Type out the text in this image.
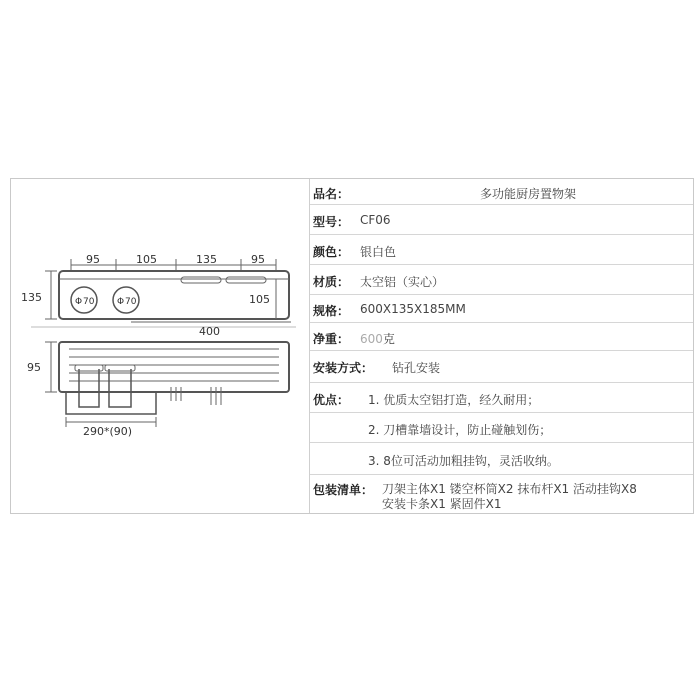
95	105	135	95
135	105
400
95
290*(90)
Φ 70	Φ 70
品名：	多功能厨房置物架
型号： CF06
颜色： 银白色
材质： 太空铝（实心）
规格： 600X135X185MM
净重： 600克
安装方式： 钻孔安装
优点： 1. 优质太空铝打造，经久耐用；
2. 刀槽靠墙设计，防止碰触划伤；
3. 8位可活动加粗挂钩，灵活收纳。
包装清单： 刀架主体X1 镂空杯筒X2 抹布杆X1 活动挂钩X8
安装卡条X1 紧固件X1
